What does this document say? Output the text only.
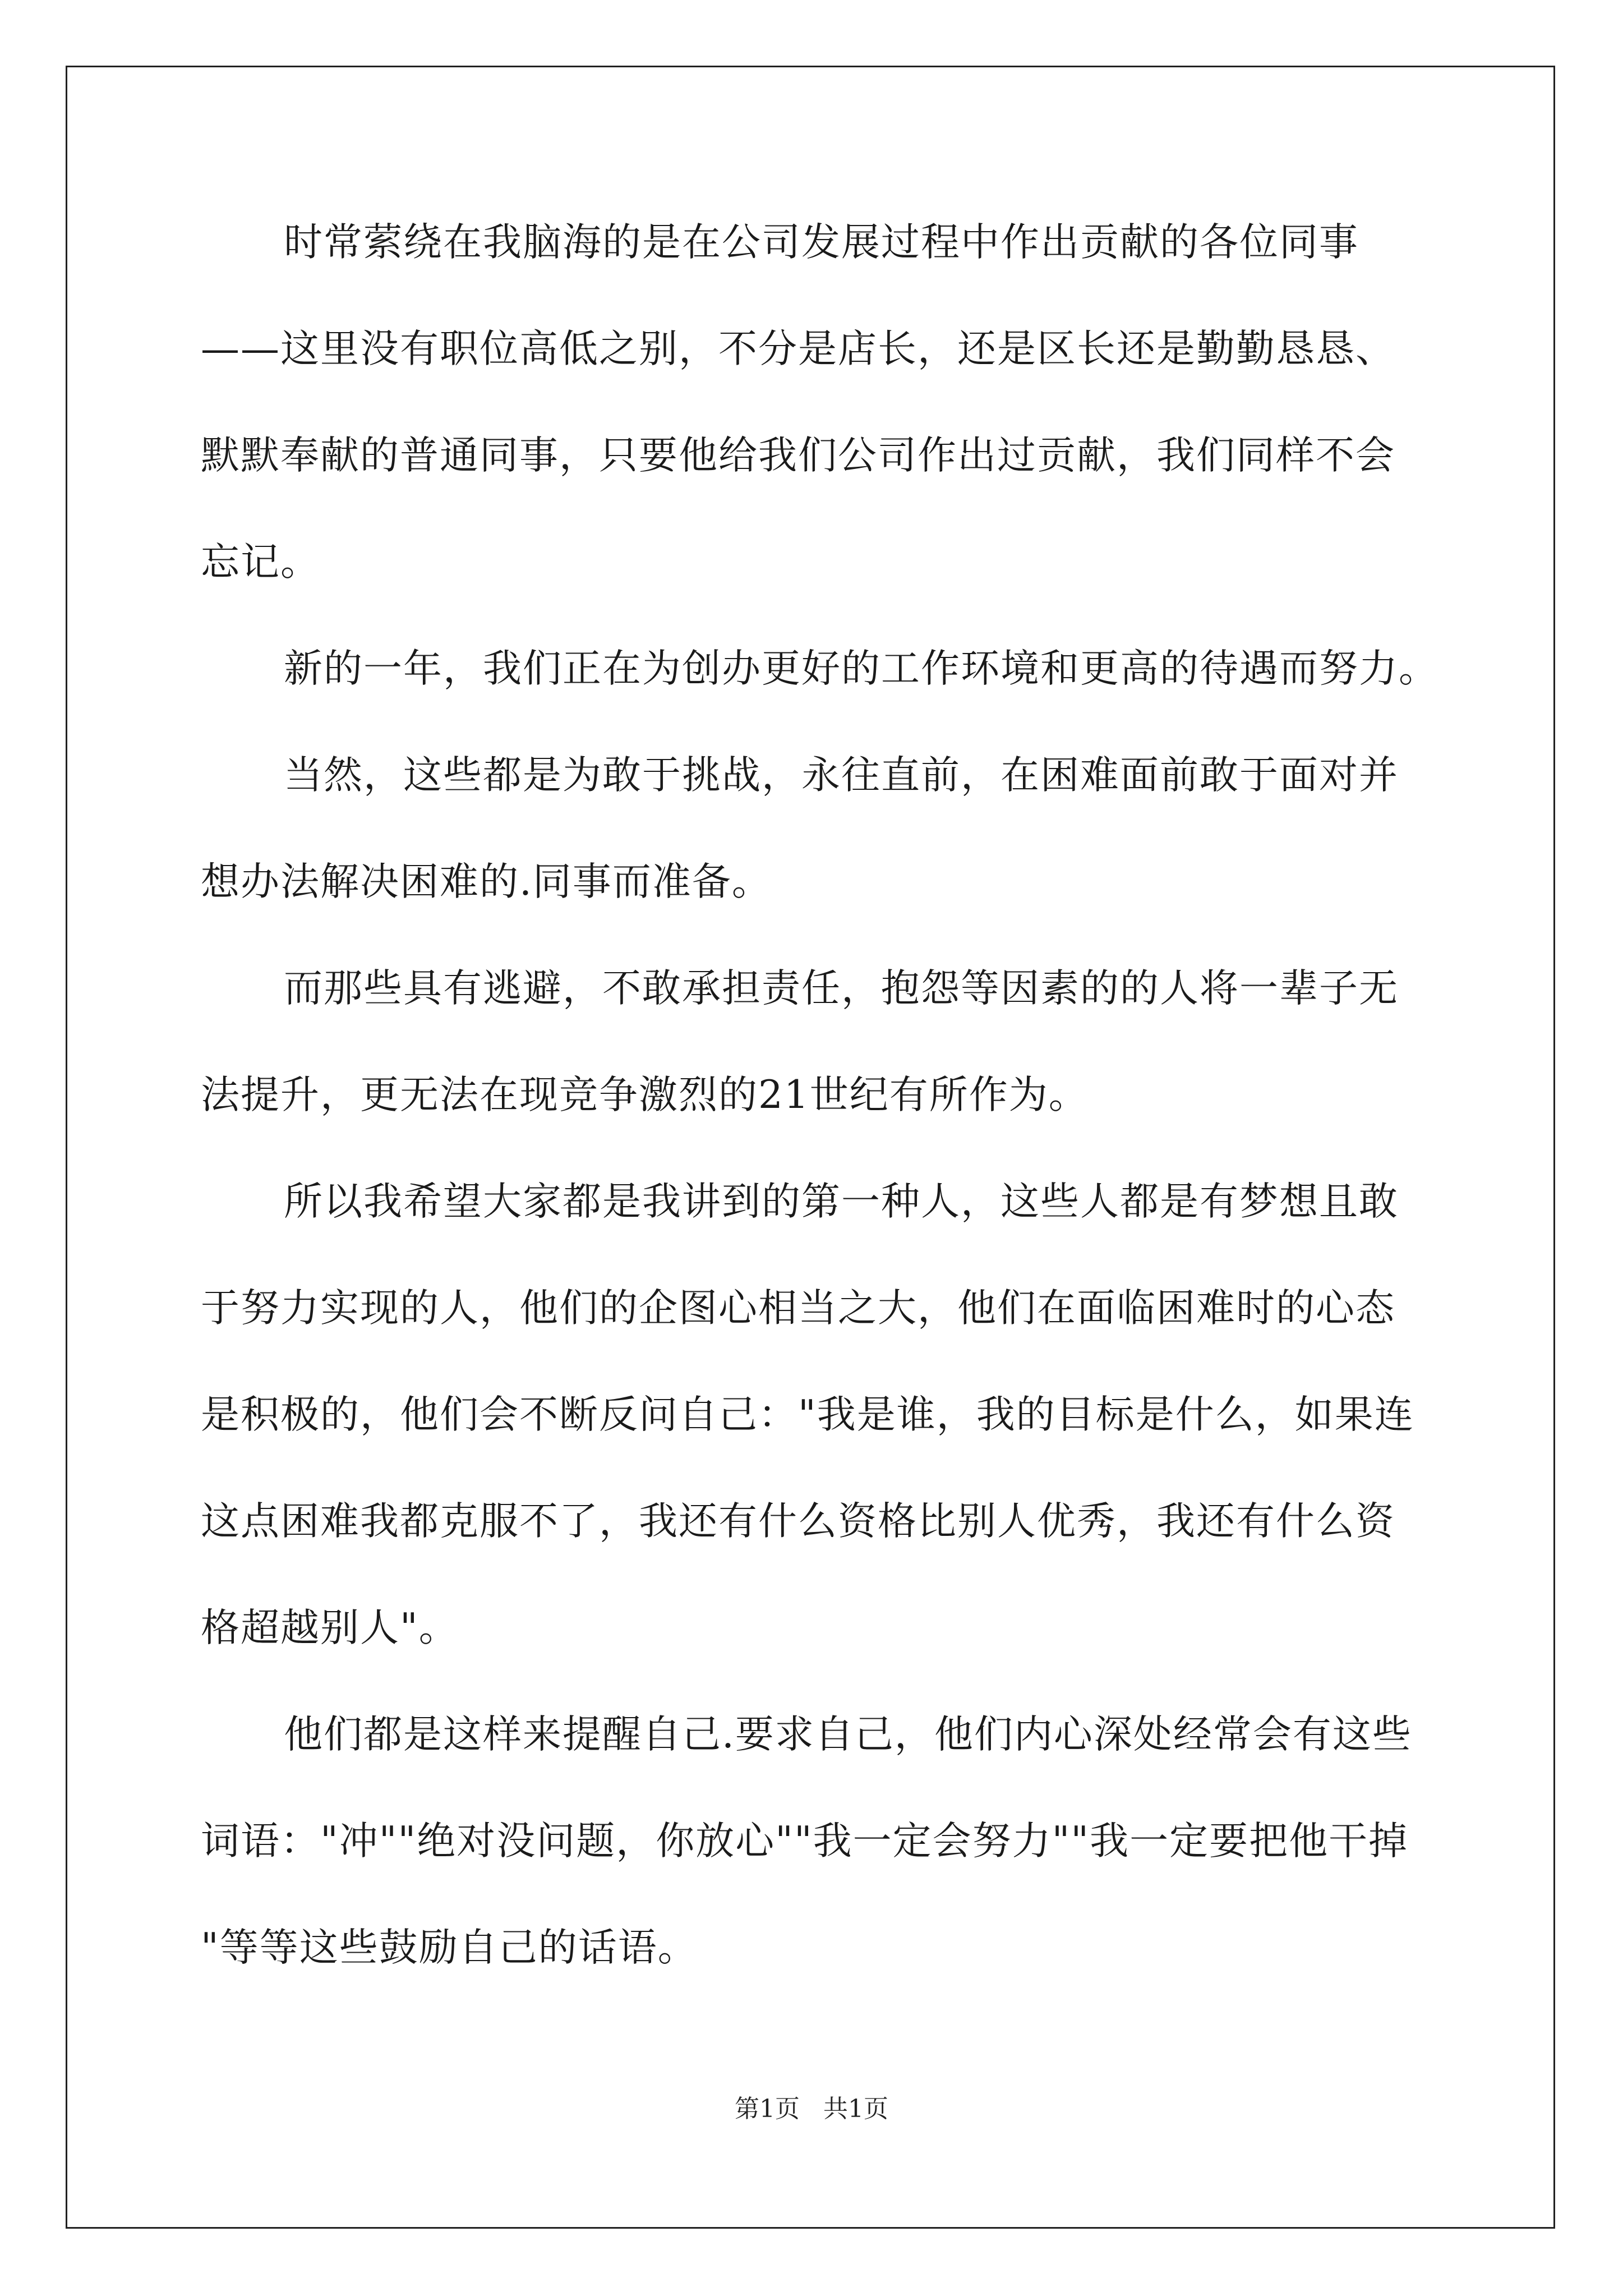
时常萦绕在我脑海的是在公司发展过程中作出贡献的各位同事
——这里没有职位高低之别，不分是店长，还是区长还是勤勤恳恳、
默默奉献的普通同事，只要他给我们公司作出过贡献，我们同样不会
忘记。
新的一年，我们正在为创办更好的工作环境和更高的待遇而努力。
当然，这些都是为敢于挑战，永往直前，在困难面前敢于面对并
想办法解决困难的.同事而准备。
而那些具有逃避，不敢承担责任，抱怨等因素的的人将一辈子无
法提升，更无法在现竞争激烈的21世纪有所作为。
所以我希望大家都是我讲到的第一种人，这些人都是有梦想且敢
于努力实现的人，他们的企图心相当之大，他们在面临困难时的心态
是积极的，他们会不断反问自己："我是谁，我的目标是什么，如果连
这点困难我都克服不了，我还有什么资格比别人优秀，我还有什么资
格超越别人"。
他们都是这样来提醒自己.要求自己，他们内心深处经常会有这些
词语："冲""绝对没问题，你放心""我一定会努力""我一定要把他干掉
"等等这些鼓励自己的话语。
第1页   共1页
